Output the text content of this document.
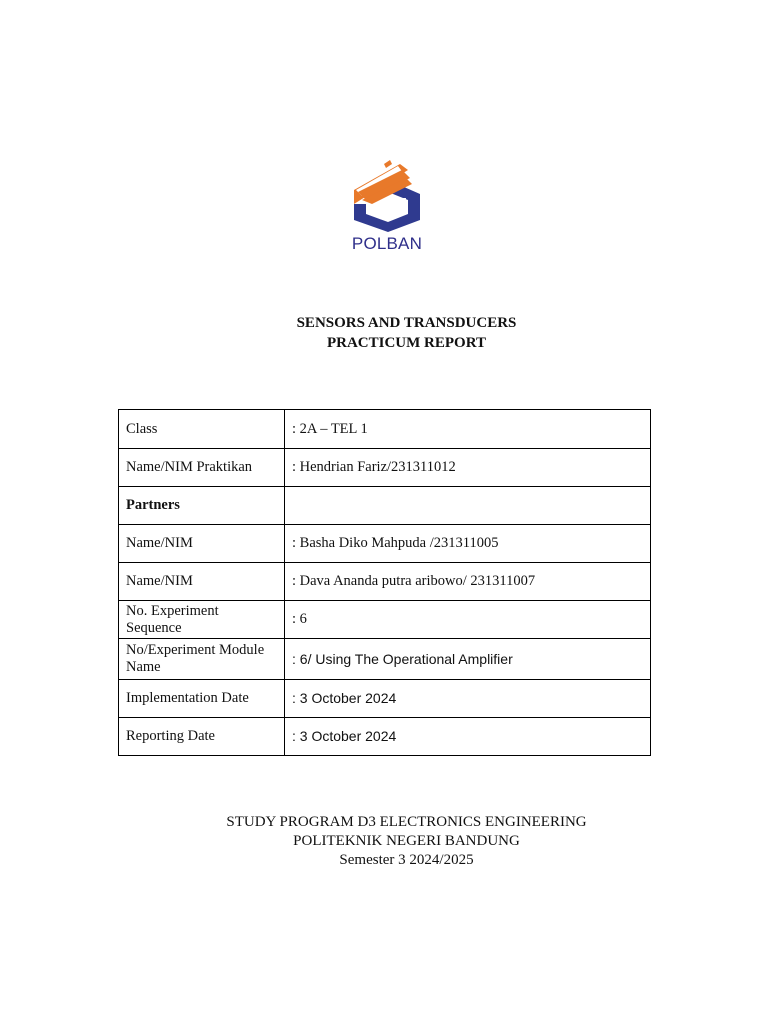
POLBAN
SENSORS AND TRANSDUCERS
PRACTICUM REPORT
Class	: 2A – TEL 1
Name/NIM Praktikan	: Hendrian Fariz/231311012
Partners	
Name/NIM	: Basha Diko Mahpuda /231311005
Name/NIM	: Dava Ananda putra aribowo/ 231311007
No. Experiment Sequence	: 6
No/Experiment Module Name	: 6/ Using The Operational Amplifier
Implementation Date	: 3 October 2024
Reporting Date	: 3 October 2024
STUDY PROGRAM D3 ELECTRONICS ENGINEERING
POLITEKNIK NEGERI BANDUNG
Semester 3 2024/2025
